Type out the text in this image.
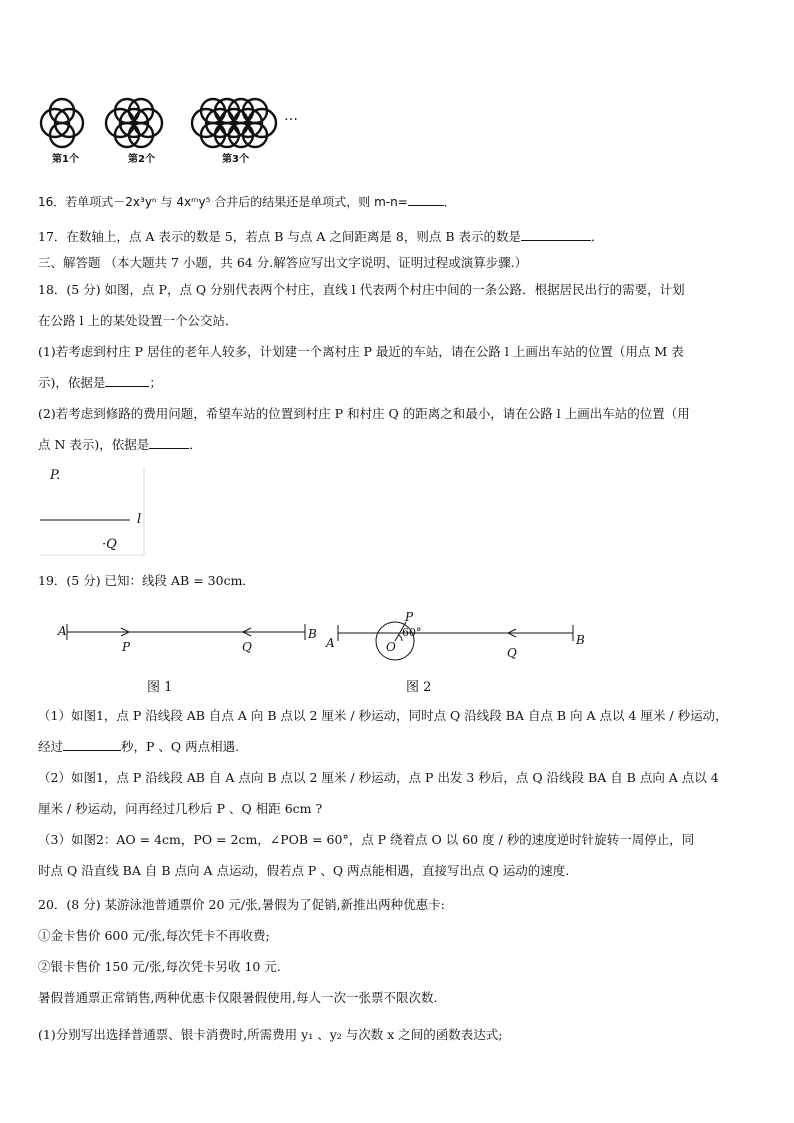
…
第1个	第2个	第3个
16．若单项式－2x³yⁿ 与 4xᵐy⁵ 合并后的结果还是单项式，则 m-n=	．
17．在数轴上，点 A 表示的数是 5，若点 B 与点 A 之间距离是 8，则点 B 表示的数是	．
三、解答题 （本大题共 7 小题，共 64 分.解答应写出文字说明、证明过程或演算步骤.）
18．(5 分) 如图，点 P，点 Q 分别代表两个村庄，直线 l 代表两个村庄中间的一条公路．根据居民出行的需要，计划
在公路 l 上的某处设置一个公交站．
(1)若考虑到村庄 P 居住的老年人较多，计划建一个离村庄 P 最近的车站，请在公路 l 上画出车站的位置（用点 M 表
示)，依据是	；
(2)若考虑到修路的费用问题，希望车站的位置到村庄 P 和村庄 Q 的距离之和最小，请在公路 l 上画出车站的位置（用
点 N 表示)，依据是	．
P.
l
·Q
19．(5 分) 已知：线段 AB = 30cm．
A	B
P	Q
图 1
A	B
P
60°
O	Q
图 2
（1）如图1，点 P 沿线段 AB 自点 A 向 B 点以 2 厘米 / 秒运动，同时点 Q 沿线段 BA 自点 B 向 A 点以 4 厘米 / 秒运动，
经过	秒，P 、Q 两点相遇.
（2）如图1，点 P 沿线段 AB 自 A 点向 B 点以 2 厘米 / 秒运动，点 P 出发 3 秒后，点 Q 沿线段 BA 自 B 点向 A 点以 4
厘米 / 秒运动，问再经过几秒后 P 、Q 相距 6cm ?
（3）如图2：AO = 4cm，PO = 2cm，∠POB = 60°，点 P 绕着点 O 以 60 度 / 秒的速度逆时针旋转一周停止，同
时点 Q 沿直线 BA 自 B 点向 A 点运动，假若点 P 、Q 两点能相遇，直接写出点 Q 运动的速度.
20．(8 分) 某游泳池普通票价 20 元/张,暑假为了促销,新推出两种优惠卡:
①金卡售价 600 元/张,每次凭卡不再收费;
②银卡售价 150 元/张,每次凭卡另收 10 元.
暑假普通票正常销售,两种优惠卡仅限暑假使用,每人一次一张票不限次数.
(1)分别写出选择普通票、银卡消费时,所需费用 y₁ 、y₂ 与次数 x 之间的函数表达式;
